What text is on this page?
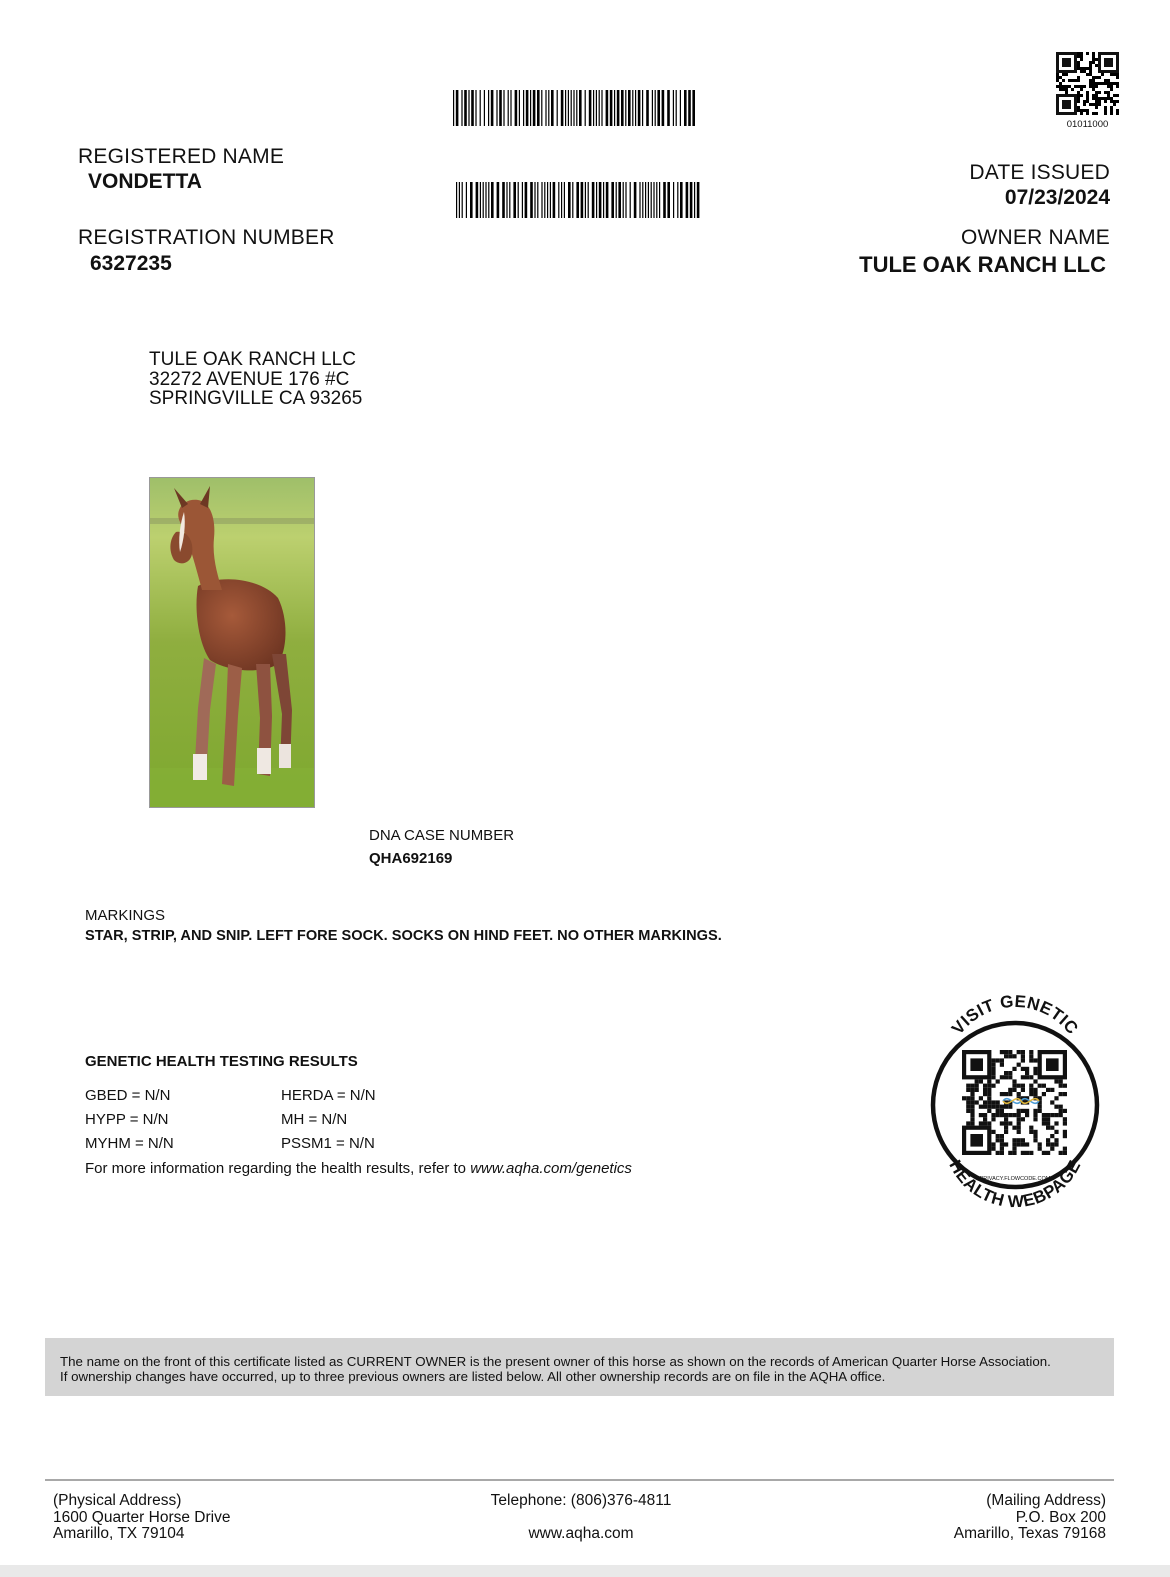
01011000
REGISTERED NAME
VONDETTA
REGISTRATION NUMBER
6327235
DATE ISSUED
07/23/2024
OWNER NAME
TULE OAK RANCH LLC
TULE OAK RANCH LLC
32272 AVENUE 176 #C
SPRINGVILLE CA 93265
DNA CASE NUMBER
QHA692169
MARKINGS
STAR, STRIP, AND SNIP. LEFT FORE SOCK. SOCKS ON HIND FEET. NO OTHER MARKINGS.
GENETIC HEALTH TESTING RESULTS
GBED = N/N	HERDA = N/N
HYPP = N/N	MH = N/N
MYHM = N/N	PSSM1 = N/N
For more information regarding the health results, refer to www.aqha.com/genetics
VISIT GENETIC
PRIVACY.FLOWCODE.COM
HEALTH WEBPAGE

The name on the front of this certificate listed as CURRENT OWNER is the present owner of this horse as shown on the records of American Quarter Horse Association.

If ownership changes have occurred, up to three previous owners are listed below. All other ownership records are on file in the AQHA office.

(Physical Address)
1600 Quarter Horse Drive
Amarillo, TX 79104
Telephone: (806)376-4811
www.aqha.com
(Mailing Address)
P.O. Box 200
Amarillo, Texas 79168
